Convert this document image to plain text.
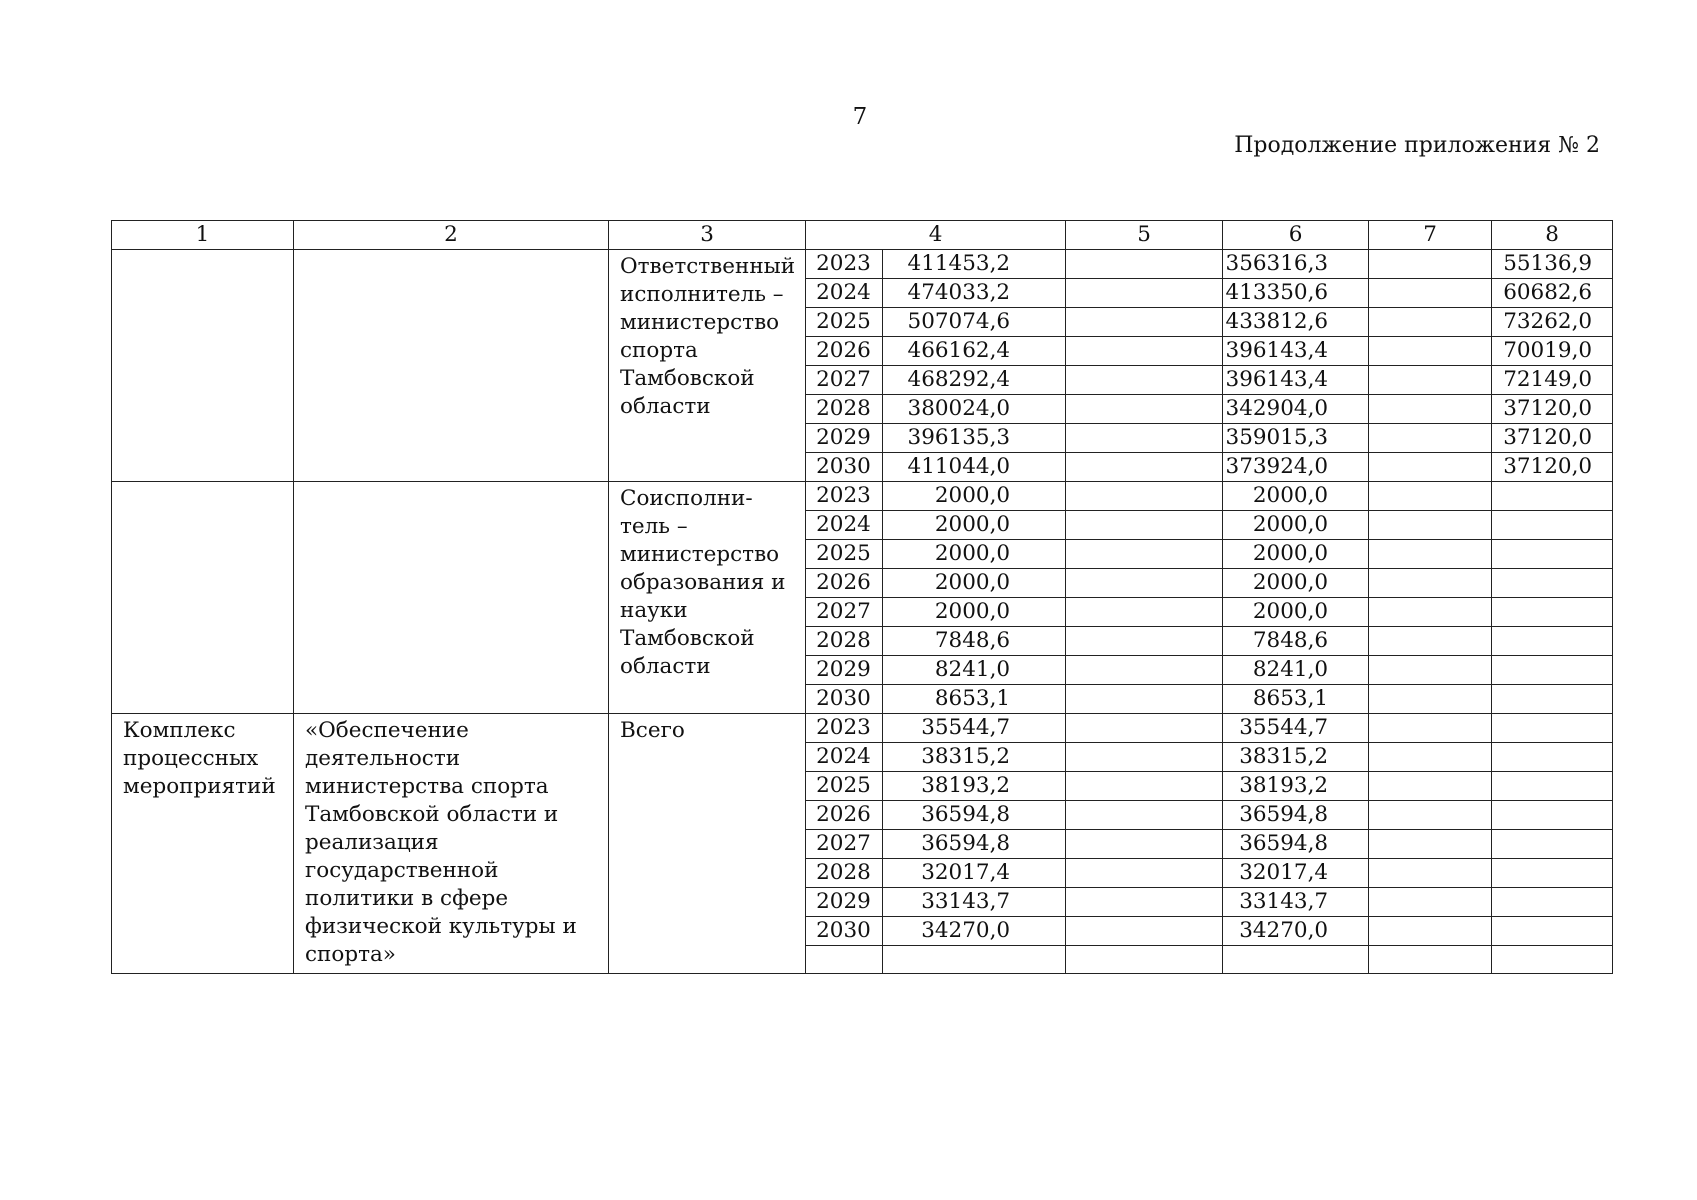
7
Продолжение приложения № 2
1	2	3	4		5	6	7	8
		Ответственный исполнитель – министерство спорта Тамбовской области	2023	411453,2		356316,3		55136,9
			2024	474033,2		413350,6		60682,6
			2025	507074,6		433812,6		73262,0
			2026	466162,4		396143,4		70019,0
			2027	468292,4		396143,4		72149,0
			2028	380024,0		342904,0		37120,0
			2029	396135,3		359015,3		37120,0
			2030	411044,0		373924,0		37120,0
		Соисполни-тель – министерство образования и науки Тамбовской области	2023	2000,0		2000,0		
			2024	2000,0		2000,0		
			2025	2000,0		2000,0		
			2026	2000,0		2000,0		
			2027	2000,0		2000,0		
			2028	7848,6		7848,6		
			2029	8241,0		8241,0		
			2030	8653,1		8653,1		
Комплекс процессных мероприятий	«Обеспечение деятельности министерства спорта Тамбовской области и реализация государственной политики в сфере физической культуры и спорта»	Всего	2023	35544,7		35544,7		
			2024	38315,2		38315,2		
			2025	38193,2		38193,2		
			2026	36594,8		36594,8		
			2027	36594,8		36594,8		
			2028	32017,4		32017,4		
			2029	33143,7		33143,7		
			2030	34270,0		34270,0		
